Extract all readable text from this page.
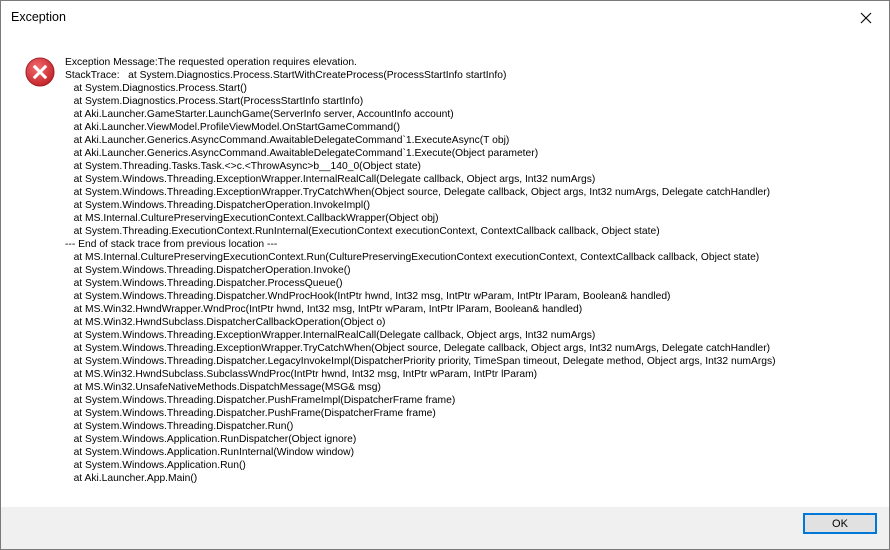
Exception
Exception Message:The requested operation requires elevation.
StackTrace:   at System.Diagnostics.Process.StartWithCreateProcess(ProcessStartInfo startInfo)
at System.Diagnostics.Process.Start()
at System.Diagnostics.Process.Start(ProcessStartInfo startInfo)
at Aki.Launcher.GameStarter.LaunchGame(ServerInfo server, AccountInfo account)
at Aki.Launcher.ViewModel.ProfileViewModel.OnStartGameCommand()
at Aki.Launcher.Generics.AsyncCommand.AwaitableDelegateCommand`1.ExecuteAsync(T obj)
at Aki.Launcher.Generics.AsyncCommand.AwaitableDelegateCommand`1.Execute(Object parameter)
at System.Threading.Tasks.Task.<>c.<ThrowAsync>b__140_0(Object state)
at System.Windows.Threading.ExceptionWrapper.InternalRealCall(Delegate callback, Object args, Int32 numArgs)
at System.Windows.Threading.ExceptionWrapper.TryCatchWhen(Object source, Delegate callback, Object args, Int32 numArgs, Delegate catchHandler)
at System.Windows.Threading.DispatcherOperation.InvokeImpl()
at MS.Internal.CulturePreservingExecutionContext.CallbackWrapper(Object obj)
at System.Threading.ExecutionContext.RunInternal(ExecutionContext executionContext, ContextCallback callback, Object state)
--- End of stack trace from previous location ---
at MS.Internal.CulturePreservingExecutionContext.Run(CulturePreservingExecutionContext executionContext, ContextCallback callback, Object state)
at System.Windows.Threading.DispatcherOperation.Invoke()
at System.Windows.Threading.Dispatcher.ProcessQueue()
at System.Windows.Threading.Dispatcher.WndProcHook(IntPtr hwnd, Int32 msg, IntPtr wParam, IntPtr lParam, Boolean& handled)
at MS.Win32.HwndWrapper.WndProc(IntPtr hwnd, Int32 msg, IntPtr wParam, IntPtr lParam, Boolean& handled)
at MS.Win32.HwndSubclass.DispatcherCallbackOperation(Object o)
at System.Windows.Threading.ExceptionWrapper.InternalRealCall(Delegate callback, Object args, Int32 numArgs)
at System.Windows.Threading.ExceptionWrapper.TryCatchWhen(Object source, Delegate callback, Object args, Int32 numArgs, Delegate catchHandler)
at System.Windows.Threading.Dispatcher.LegacyInvokeImpl(DispatcherPriority priority, TimeSpan timeout, Delegate method, Object args, Int32 numArgs)
at MS.Win32.HwndSubclass.SubclassWndProc(IntPtr hwnd, Int32 msg, IntPtr wParam, IntPtr lParam)
at MS.Win32.UnsafeNativeMethods.DispatchMessage(MSG& msg)
at System.Windows.Threading.Dispatcher.PushFrameImpl(DispatcherFrame frame)
at System.Windows.Threading.Dispatcher.PushFrame(DispatcherFrame frame)
at System.Windows.Threading.Dispatcher.Run()
at System.Windows.Application.RunDispatcher(Object ignore)
at System.Windows.Application.RunInternal(Window window)
at System.Windows.Application.Run()
at Aki.Launcher.App.Main()
OK
